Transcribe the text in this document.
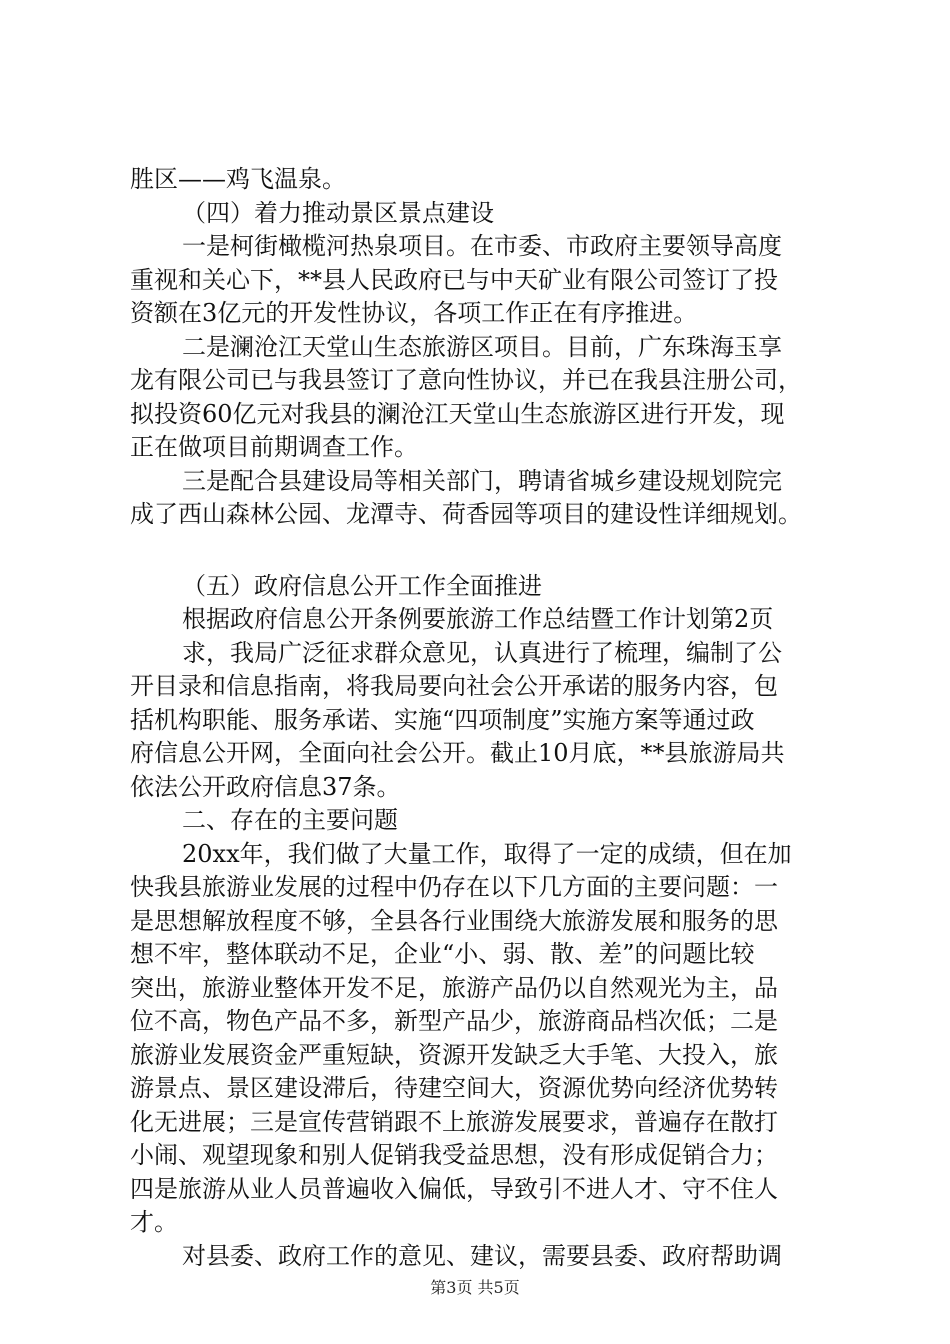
胜区——鸡飞温泉。

（四）着力推动景区景点建设

一是柯街橄榄河热泉项目。在市委、市政府主要领导高度

重视和关心下，**县人民政府已与中天矿业有限公司签订了投

资额在3亿元的开发性协议，各项工作正在有序推进。

二是澜沧江天堂山生态旅游区项目。目前，广东珠海玉享

龙有限公司已与我县签订了意向性协议，并已在我县注册公司，

拟投资60亿元对我县的澜沧江天堂山生态旅游区进行开发，现

正在做项目前期调查工作。

三是配合县建设局等相关部门，聘请省城乡建设规划院完

成了西山森林公园、龙潭寺、荷香园等项目的建设性详细规划。

（五）政府信息公开工作全面推进

根据政府信息公开条例要旅游工作总结暨工作计划第2页

求，我局广泛征求群众意见，认真进行了梳理，编制了公

开目录和信息指南，将我局要向社会公开承诺的服务内容，包

括机构职能、服务承诺、实施“四项制度”实施方案等通过政

府信息公开网，全面向社会公开。截止10月底，**县旅游局共

依法公开政府信息37条。

二、存在的主要问题

20xx年，我们做了大量工作，取得了一定的成绩，但在加

快我县旅游业发展的过程中仍存在以下几方面的主要问题：一

是思想解放程度不够，全县各行业围绕大旅游发展和服务的思

想不牢，整体联动不足，企业“小、弱、散、差”的问题比较

突出，旅游业整体开发不足，旅游产品仍以自然观光为主，品

位不高，物色产品不多，新型产品少，旅游商品档次低；二是

旅游业发展资金严重短缺，资源开发缺乏大手笔、大投入，旅

游景点、景区建设滞后，待建空间大，资源优势向经济优势转

化无进展；三是宣传营销跟不上旅游发展要求，普遍存在散打

小闹、观望现象和别人促销我受益思想，没有形成促销合力；

四是旅游从业人员普遍收入偏低，导致引不进人才、守不住人

才。

对县委、政府工作的意见、建议，需要县委、政府帮助调

第3页 共5页
